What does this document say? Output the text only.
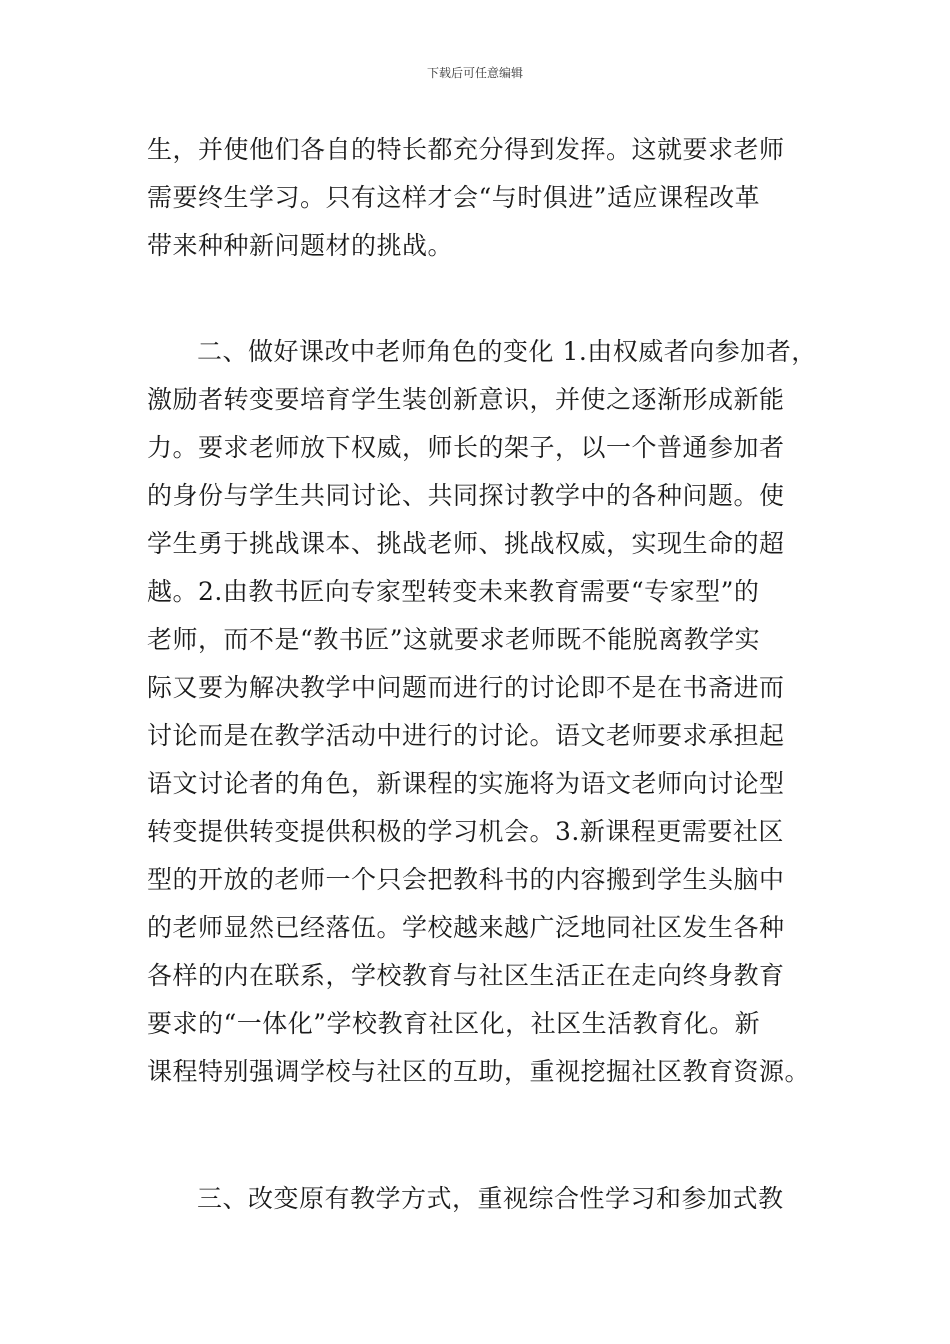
下载后可任意编辑
生，并使他们各自的特长都充分得到发挥。这就要求老师
需要终生学习。只有这样才会“与时俱进”适应课程改革
带来种种新问题材的挑战。
二、做好课改中老师角色的变化 1.由权威者向参加者，
激励者转变要培育学生装创新意识，并使之逐渐形成新能
力。要求老师放下权威，师长的架子，以一个普通参加者
的身份与学生共同讨论、共同探讨教学中的各种问题。使
学生勇于挑战课本、挑战老师、挑战权威，实现生命的超
越。2.由教书匠向专家型转变未来教育需要“专家型”的
老师，而不是“教书匠”这就要求老师既不能脱离教学实
际又要为解决教学中问题而进行的讨论即不是在书斋进而
讨论而是在教学活动中进行的讨论。语文老师要求承担起
语文讨论者的角色，新课程的实施将为语文老师向讨论型
转变提供转变提供积极的学习机会。3.新课程更需要社区
型的开放的老师一个只会把教科书的内容搬到学生头脑中
的老师显然已经落伍。学校越来越广泛地同社区发生各种
各样的内在联系，学校教育与社区生活正在走向终身教育
要求的“一体化”学校教育社区化，社区生活教育化。新
课程特别强调学校与社区的互助，重视挖掘社区教育资源。
三、改变原有教学方式，重视综合性学习和参加式教
